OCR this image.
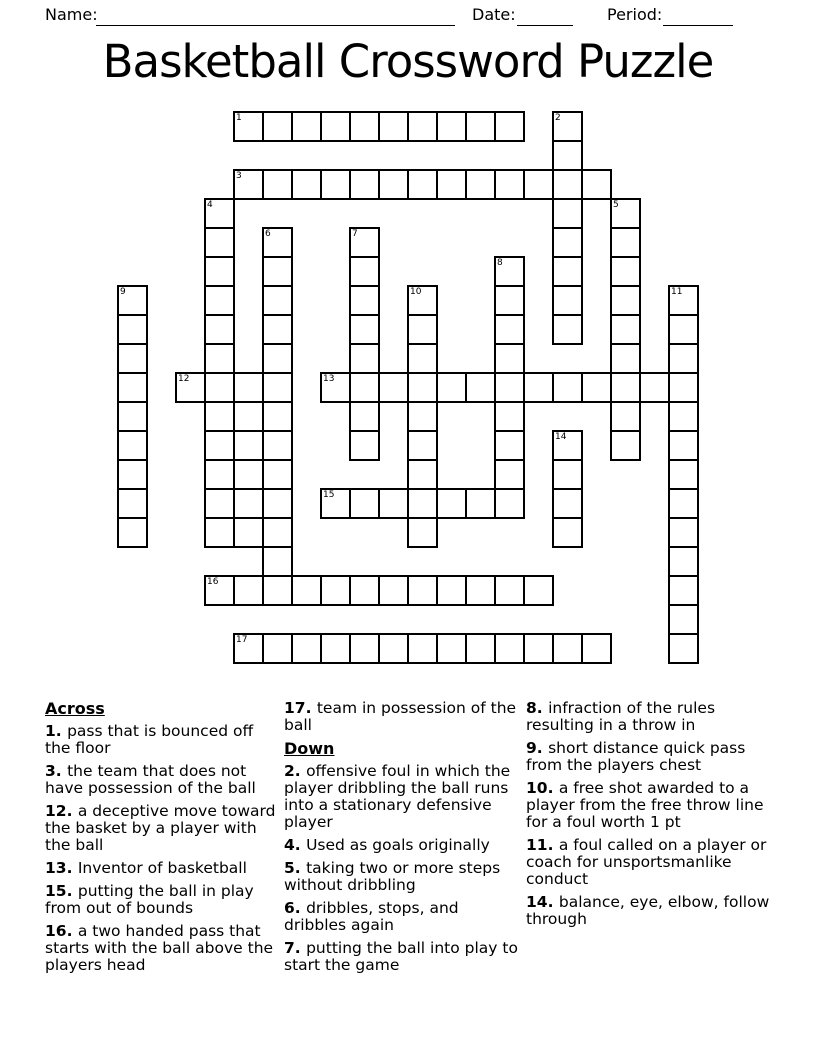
Name:	Date:	Period:
Basketball Crossword Puzzle
1	2
3
4	5
6	7
8
9	10	11
12	13
14
15
16
17
Across
1. pass that is bounced off the floor
3. the team that does not have possession of the ball
12. a deceptive move toward the basket by a player with the ball
13. Inventor of basketball
15. putting the ball in play from out of bounds
16. a two handed pass that starts with the ball above the players head
17. team in possession of the ball
Down
2. offensive foul in which the player dribbling the ball runs into a stationary defensive player
4. Used as goals originally
5. taking two or more steps without dribbling
6. dribbles, stops, and dribbles again
7. putting the ball into play to start the game
8. infraction of the rules resulting in a throw in
9. short distance quick pass from the players chest
10. a free shot awarded to a player from the free throw line for a foul worth 1 pt
11. a foul called on a player or coach for unsportsmanlike conduct
14. balance, eye, elbow, follow through
